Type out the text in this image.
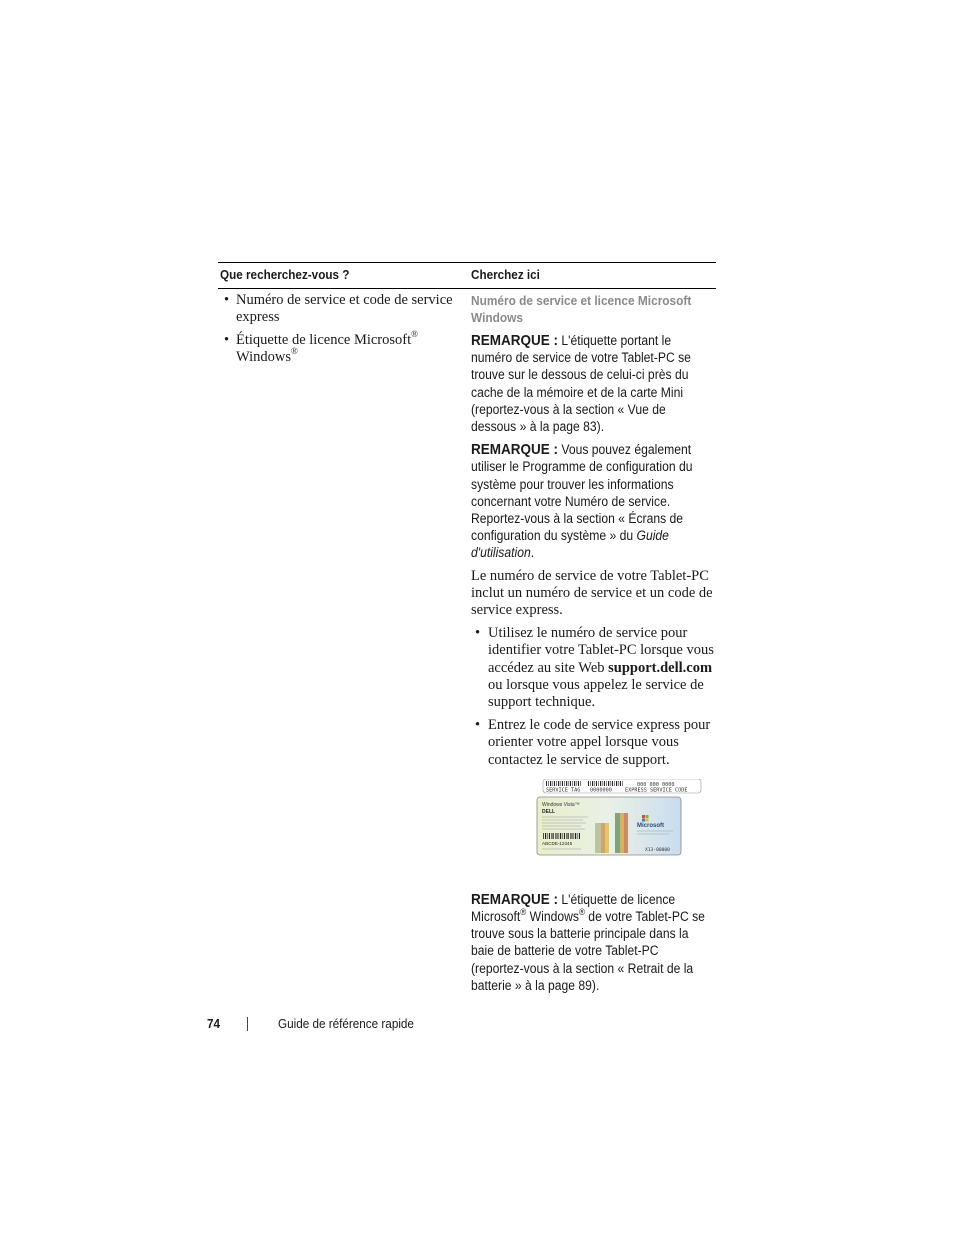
Que recherchez-vous ?	Cherchez ici
• Numéro de service et code de service express
• Étiquette de licence Microsoft®
Windows®
Numéro de service et licence Microsoft Windows
REMARQUE : L'étiquette portant le numéro de service de votre Tablet-PC se trouve sur le dessous de celui-ci près du cache de la mémoire et de la carte Mini (reportez-vous à la section « Vue de dessous » à la page 83).
REMARQUE : Vous pouvez également utiliser le Programme de configuration du système pour trouver les informations concernant votre Numéro de service. Reportez-vous à la section « Écrans de configuration du système » du Guide d'utilisation.
Le numéro de service de votre Tablet-PC inclut un numéro de service et un code de service express.
• Utilisez le numéro de service pour identifier votre Tablet-PC lorsque vous accédez au site Web support.dell.com ou lorsque vous appelez le service de support technique.
• Entrez le code de service express pour orienter votre appel lorsque vous contactez le service de support.
SERVICE TAG 0000000
000 000 0000
EXPRESS SERVICE CODE
Windows Vista™
DELL
ABCDE-12345
Microsoft
X13-00000
REMARQUE : L'étiquette de licence Microsoft® Windows® de votre Tablet-PC se trouve sous la batterie principale dans la baie de batterie de votre Tablet-PC (reportez-vous à la section « Retrait de la batterie » à la page 89).
74	Guide de référence rapide
